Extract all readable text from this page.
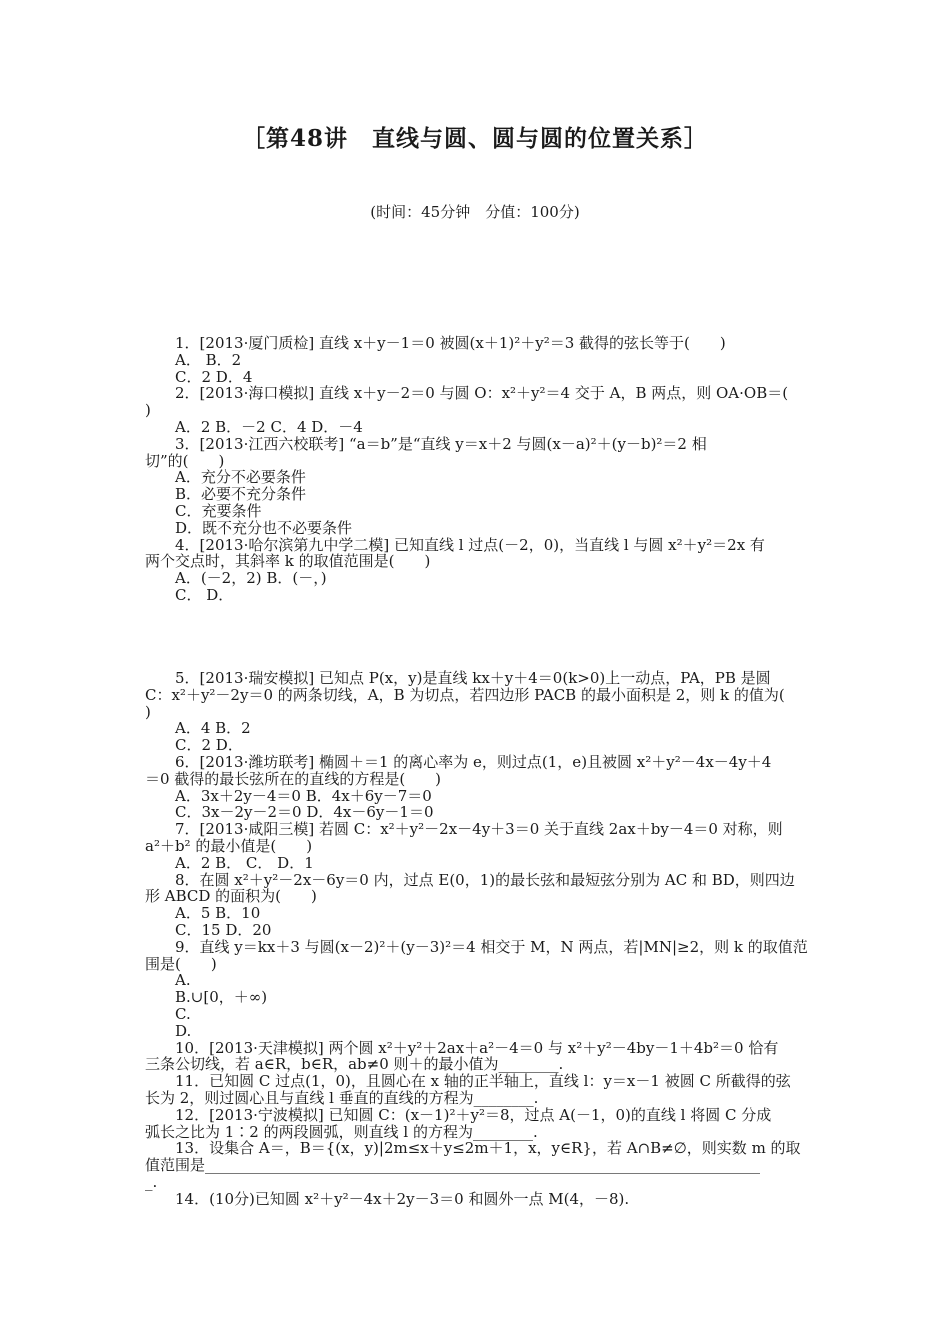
［第48讲　直线与圆、圆与圆的位置关系］
(时间：45分钟　分值：100分)
1．[2013·厦门质检] 直线 x＋y－1＝0 被圆(x＋1)²＋y²＝3 截得的弦长等于(　　)
A． B．2
C．2 D．4
2．[2013·海口模拟] 直线 x＋y－2＝0 与圆 O：x²＋y²＝4 交于 A，B 两点，则 OA·OB＝(
)
A．2 B．－2 C．4 D．－4
3．[2013·江西六校联考] “a＝b”是“直线 y＝x＋2 与圆(x－a)²＋(y－b)²＝2 相
切”的(　　)
A．充分不必要条件
B．必要不充分条件
C．充要条件
D．既不充分也不必要条件
4．[2013·哈尔滨第九中学二模] 已知直线 l 过点(－2，0)，当直线 l 与圆 x²＋y²＝2x 有
两个交点时，其斜率 k 的取值范围是(　　)
A．(－2，2) B．(－，)
C． D．
5．[2013·瑞安模拟] 已知点 P(x，y)是直线 kx＋y＋4＝0(k>0)上一动点，PA，PB 是圆
C：x²＋y²－2y＝0 的两条切线，A，B 为切点，若四边形 PACB 的最小面积是 2，则 k 的值为(
)
A．4 B．2
C．2 D．
6．[2013·潍坊联考] 椭圆＋＝1 的离心率为 e，则过点(1，e)且被圆 x²＋y²－4x－4y＋4
＝0 截得的最长弦所在的直线的方程是(　　)
A．3x＋2y－4＝0 B．4x＋6y－7＝0
C．3x－2y－2＝0 D．4x－6y－1＝0
7．[2013·咸阳三模] 若圆 C：x²＋y²－2x－4y＋3＝0 关于直线 2ax＋by－4＝0 对称，则
a²＋b² 的最小值是(　　)
A．2 B． C． D．1
8．在圆 x²＋y²－2x－6y＝0 内，过点 E(0，1)的最长弦和最短弦分别为 AC 和 BD，则四边
形 ABCD 的面积为(　　)
A．5 B．10
C．15 D．20
9．直线 y＝kx＋3 与圆(x－2)²＋(y－3)²＝4 相交于 M，N 两点，若|MN|≥2，则 k 的取值范
围是(　　)
A.
B.∪[0，＋∞)
C.
D.
10．[2013·天津模拟] 两个圆 x²＋y²＋2ax＋a²－4＝0 与 x²＋y²－4by－1＋4b²＝0 恰有
三条公切线，若 a∈R，b∈R，ab≠0 则＋的最小值为________.
11．已知圆 C 过点(1，0)，且圆心在 x 轴的正半轴上，直线 l：y＝x－1 被圆 C 所截得的弦
长为 2，则过圆心且与直线 l 垂直的直线的方程为________.
12．[2013·宁波模拟] 已知圆 C：(x－1)²＋y²＝8，过点 A(－1，0)的直线 l 将圆 C 分成
弧长之比为 1∶2 的两段圆弧，则直线 l 的方程为________.
13．设集合 A＝，B＝{(x，y)|2m≤x＋y≤2m＋1，x，y∈R}，若 A∩B≠∅，则实数 m 的取
值范围是__________________________________________________________________________
_.
14．(10分)已知圆 x²＋y²－4x＋2y－3＝0 和圆外一点 M(4，－8).
